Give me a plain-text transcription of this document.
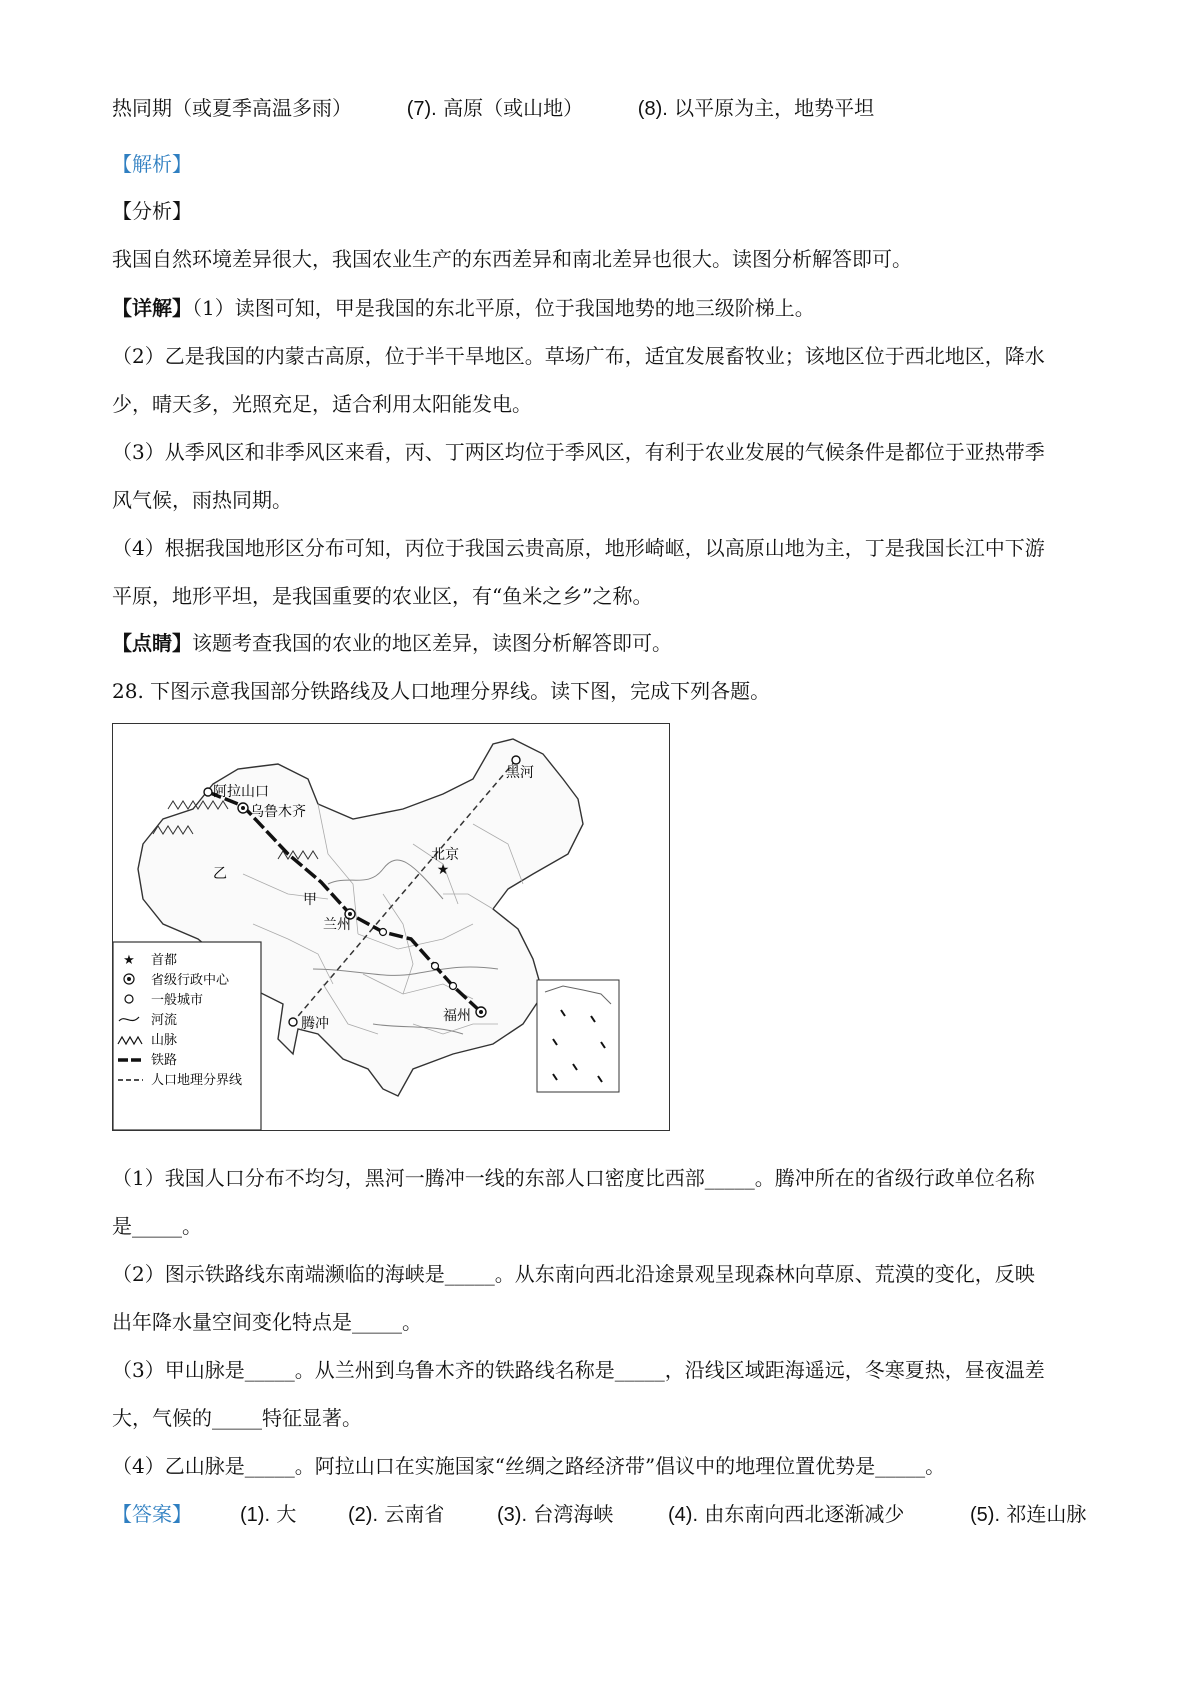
热同期（或夏季高温多雨）	(7). 高原（或山地）	(8). 以平原为主，地势平坦
【解析】
【分析】
我国自然环境差异很大，我国农业生产的东西差异和南北差异也很大。读图分析解答即可。
【详解】（1）读图可知，甲是我国的东北平原，位于我国地势的地三级阶梯上。
（2）乙是我国的内蒙古高原，位于半干旱地区。草场广布，适宜发展畜牧业；该地区位于西北地区，降水
少，晴天多，光照充足，适合利用太阳能发电。
（3）从季风区和非季风区来看，丙、丁两区均位于季风区，有利于农业发展的气候条件是都位于亚热带季
风气候，雨热同期。
（4）根据我国地形区分布可知，丙位于我国云贵高原，地形崎岖，以高原山地为主，丁是我国长江中下游
平原，地形平坦，是我国重要的农业区，有“鱼米之乡”之称。
【点睛】该题考查我国的农业的地区差异，读图分析解答即可。
28. 下图示意我国部分铁路线及人口地理分界线。读下图，完成下列各题。
★
阿拉山口
乌鲁木齐
黑河
北京
兰州
腾冲	福州
乙
甲
★ 首都
省级行政中心
一般城市
河流
山脉
铁路
人口地理分界线
（1）我国人口分布不均匀，黑河一腾冲一线的东部人口密度比西部_____。腾冲所在的省级行政单位名称
是_____。
（2）图示铁路线东南端濒临的海峡是_____。从东南向西北沿途景观呈现森林向草原、荒漠的变化，反映
出年降水量空间变化特点是_____。
（3）甲山脉是_____。从兰州到乌鲁木齐的铁路线名称是_____，沿线区域距海遥远，冬寒夏热，昼夜温差
大，气候的_____特征显著。
（4）乙山脉是_____。阿拉山口在实施国家“丝绸之路经济带”倡议中的地理位置优势是_____。
【答案】 (1). 大	(2). 云南省	(3). 台湾海峡	(4). 由东南向西北逐渐减少	(5). 祁连山脉
